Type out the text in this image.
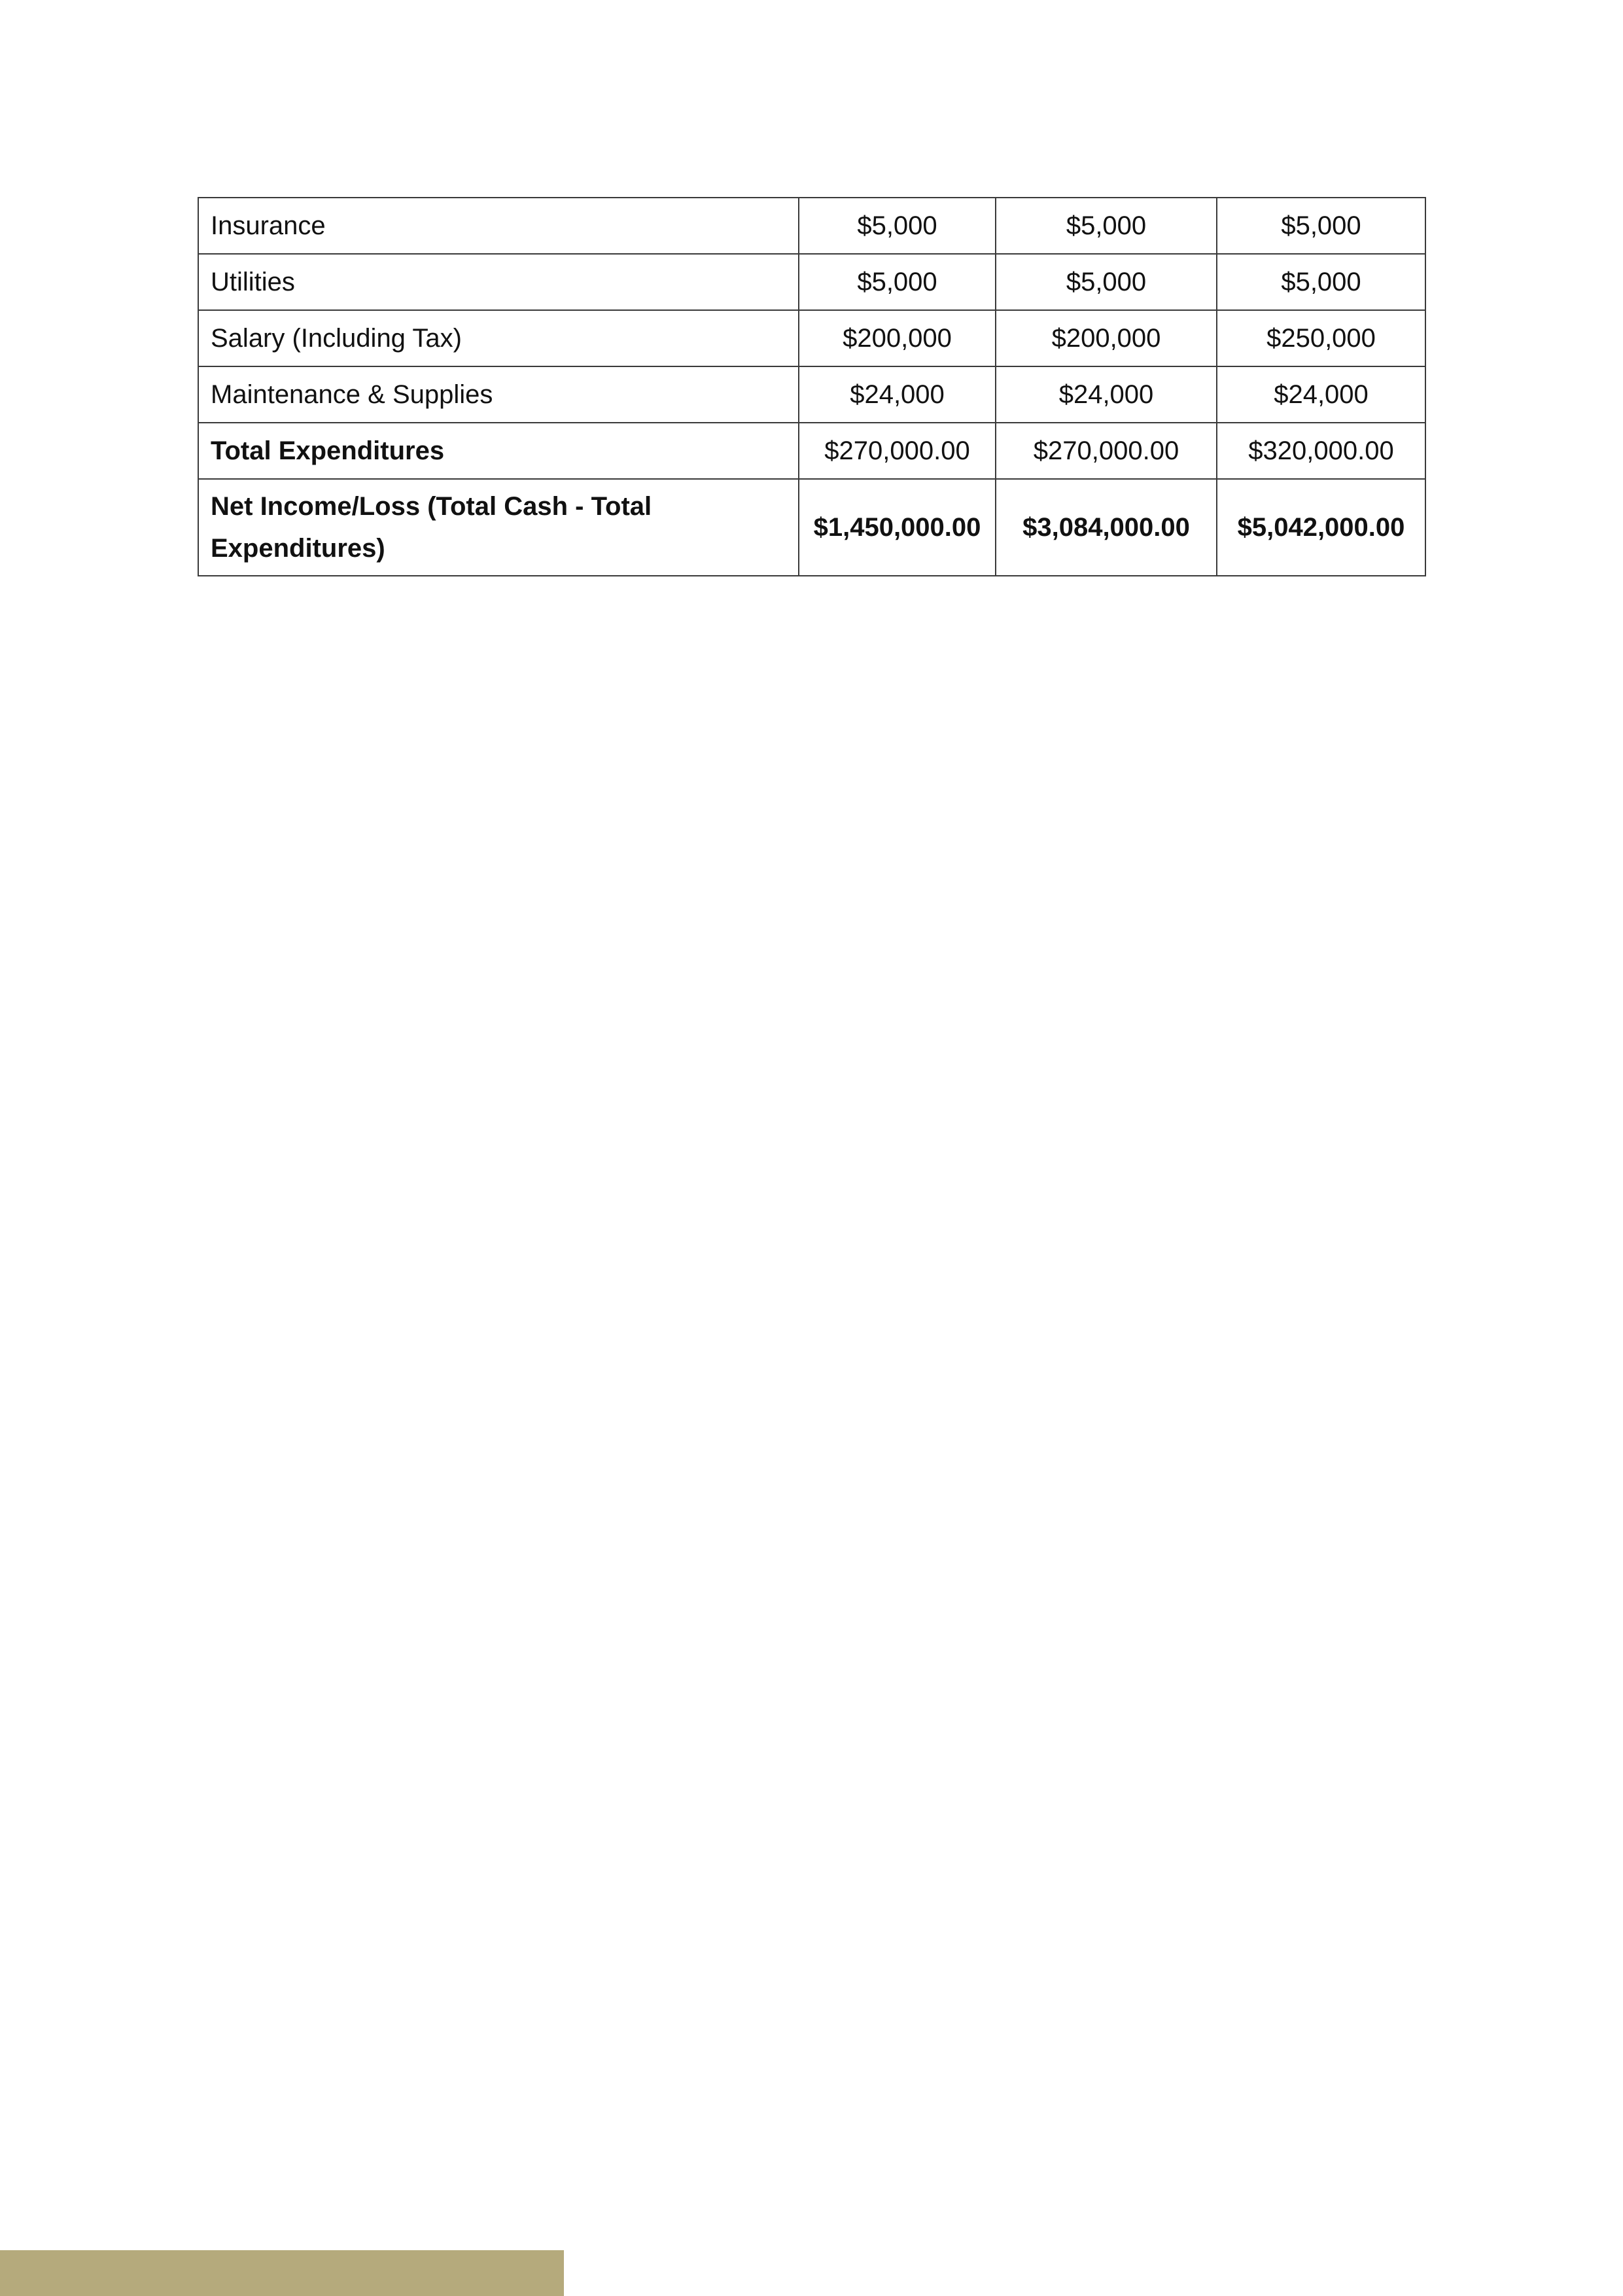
Insurance	$5,000	$5,000	$5,000
Utilities	$5,000	$5,000	$5,000
Salary (Including Tax)	$200,000	$200,000	$250,000
Maintenance & Supplies	$24,000	$24,000	$24,000
Total Expenditures	$270,000.00	$270,000.00	$320,000.00
Net Income/Loss (Total Cash - Total Expenditures)	$1,450,000.00	$3,084,000.00	$5,042,000.00
